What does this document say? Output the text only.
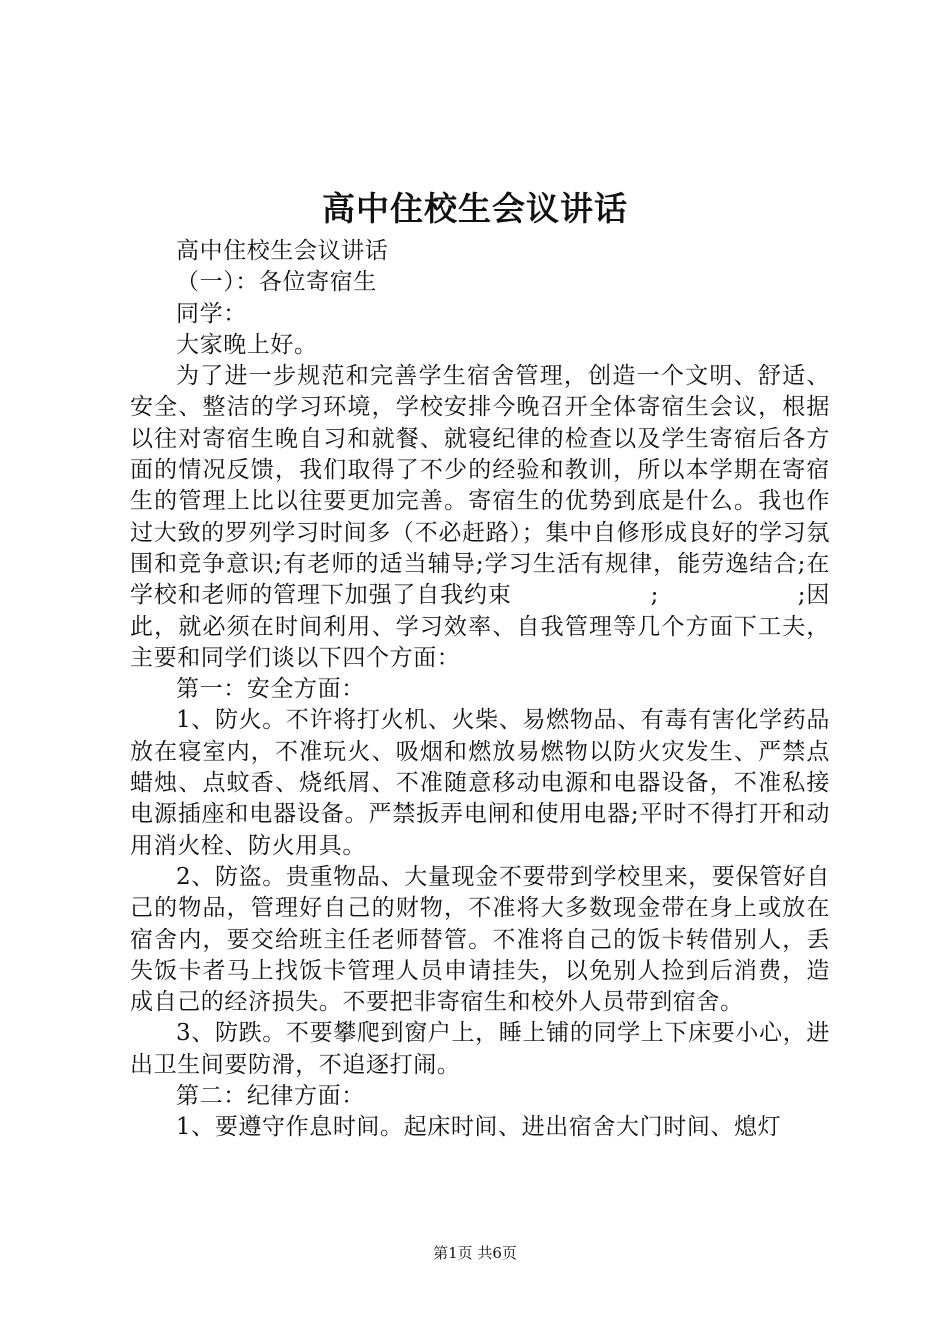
高中住校生会议讲话

高中住校生会议讲话

（一）：各位寄宿生

同学：

大家晚上好。

为了进一步规范和完善学生宿舍管理，创造一个文明、舒适、安全、整洁的学习环境，学校安排今晚召开全体寄宿生会议，根据以往对寄宿生晚自习和就餐、就寝纪律的检查以及学生寄宿后各方面的情况反馈，我们取得了不少的经验和教训，所以本学期在寄宿生的管理上比以往要更加完善。寄宿生的优势到底是什么。我也作过大致的罗列学习时间多（不必赶路）；集中自修形成良好的学习氛围和竞争意识;有老师的适当辅导;学习生活有规律，能劳逸结合;在学校和老师的管理下加强了自我约束                 ;                 ;因此，就必须在时间利用、学习效率、自我管理等几个方面下工夫，主要和同学们谈以下四个方面：

第一：安全方面：

1、防火。不许将打火机、火柴、易燃物品、有毒有害化学药品放在寝室内，不准玩火、吸烟和燃放易燃物以防火灾发生、严禁点蜡烛、点蚊香、烧纸屑、不准随意移动电源和电器设备，不准私接电源插座和电器设备。严禁扳弄电闸和使用电器;平时不得打开和动用消火栓、防火用具。

2、防盗。贵重物品、大量现金不要带到学校里来，要保管好自己的物品，管理好自己的财物，不准将大多数现金带在身上或放在宿舍内，要交给班主任老师替管。不准将自己的饭卡转借别人，丢失饭卡者马上找饭卡管理人员申请挂失，以免别人捡到后消费，造成自己的经济损失。不要把非寄宿生和校外人员带到宿舍。

3、防跌。不要攀爬到窗户上，睡上铺的同学上下床要小心，进出卫生间要防滑，不追逐打闹。

第二：纪律方面：

1、要遵守作息时间。起床时间、进出宿舍大门时间、熄灯

第1页 共6页
